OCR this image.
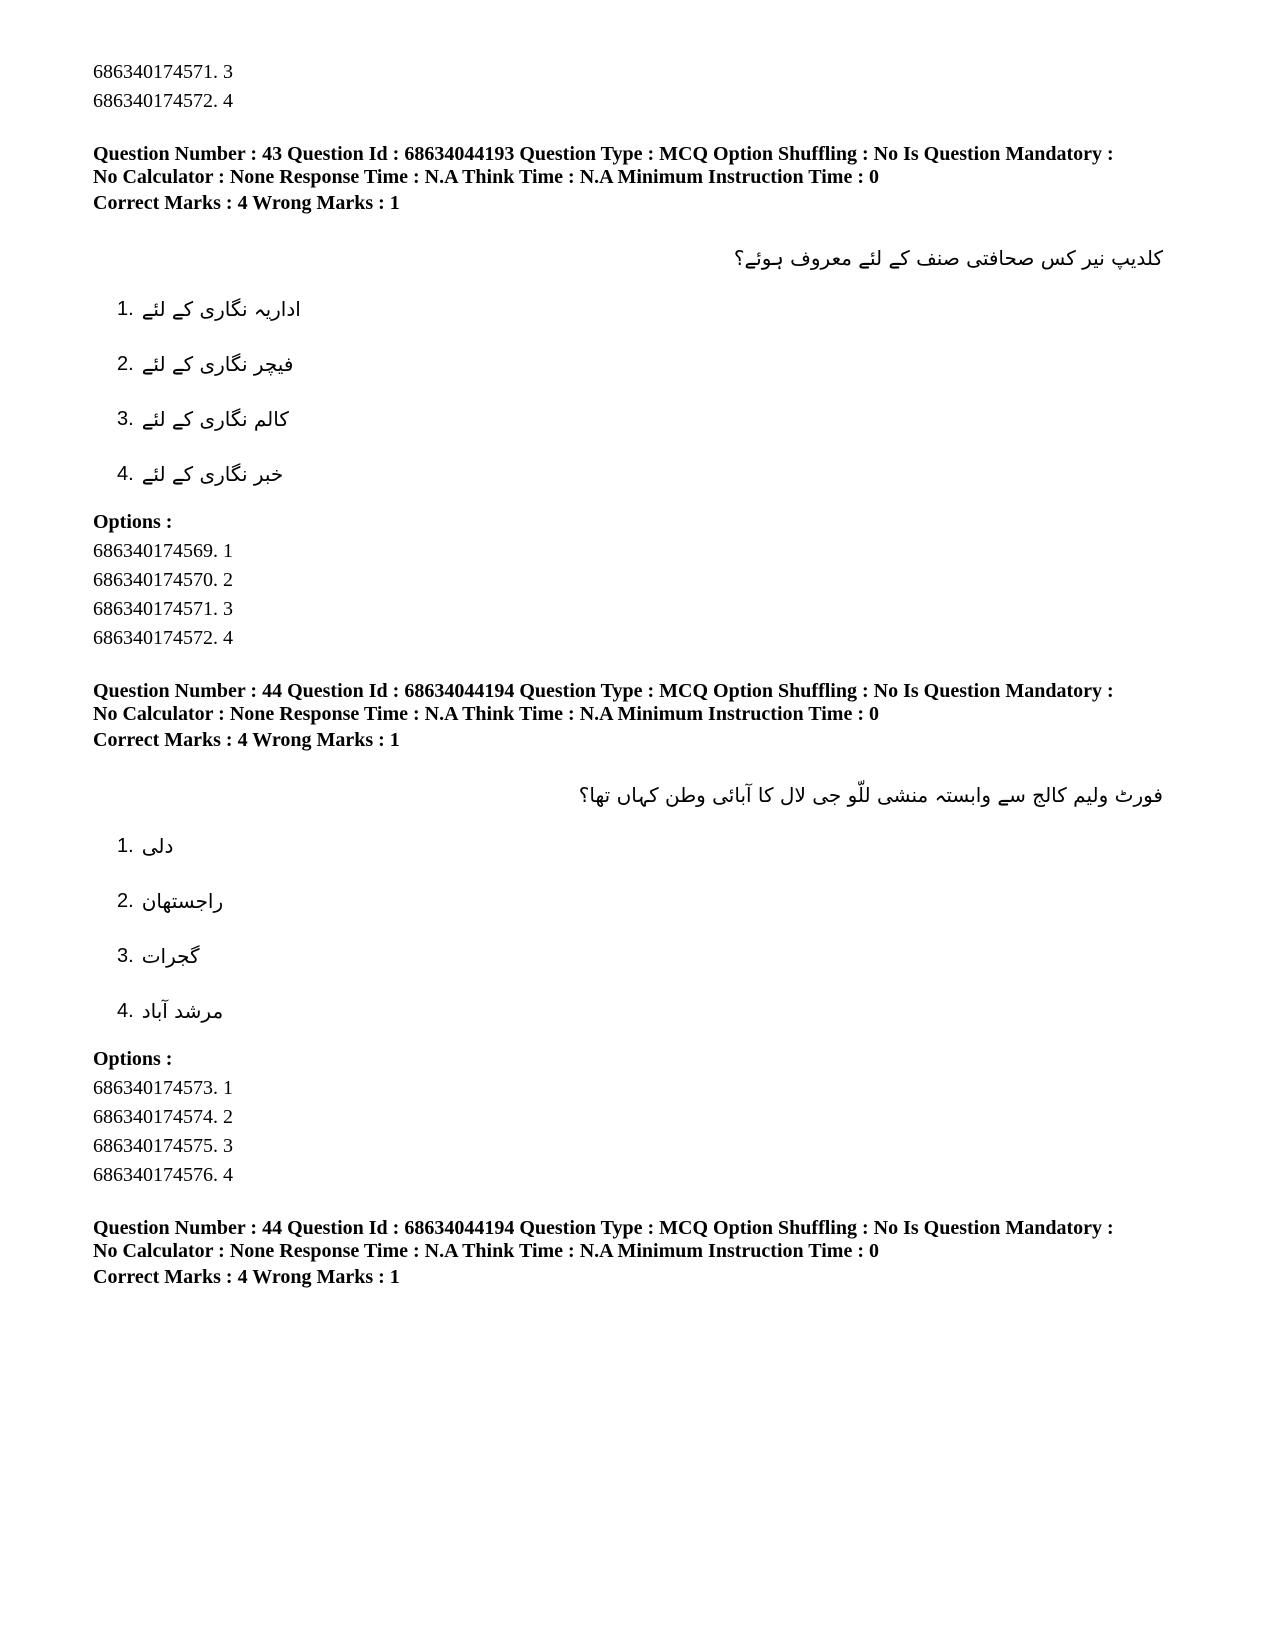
686340174571. 3
686340174572. 4
Question Number : 43 Question Id : 68634044193 Question Type : MCQ Option Shuffling : No Is Question Mandatory :
No Calculator : None Response Time : N.A Think Time : N.A Minimum Instruction Time : 0
Correct Marks : 4 Wrong Marks : 1
کلدیپ نیر کس صحافتی صنف کے لئے معروف ہوئے؟
1. اداریہ نگاری کے لئے
2. فیچر نگاری کے لئے
3. کالم نگاری کے لئے
4. خبر نگاری کے لئے
Options :
686340174569. 1
686340174570. 2
686340174571. 3
686340174572. 4
Question Number : 44 Question Id : 68634044194 Question Type : MCQ Option Shuffling : No Is Question Mandatory :
No Calculator : None Response Time : N.A Think Time : N.A Minimum Instruction Time : 0
Correct Marks : 4 Wrong Marks : 1
فورٹ ولیم کالج سے وابستہ منشی للّو جی لال کا آبائی وطن کہاں تھا؟
1. دلی
2. راجستھان
3. گجرات
4. مرشد آباد
Options :
686340174573. 1
686340174574. 2
686340174575. 3
686340174576. 4
Question Number : 44 Question Id : 68634044194 Question Type : MCQ Option Shuffling : No Is Question Mandatory :
No Calculator : None Response Time : N.A Think Time : N.A Minimum Instruction Time : 0
Correct Marks : 4 Wrong Marks : 1
